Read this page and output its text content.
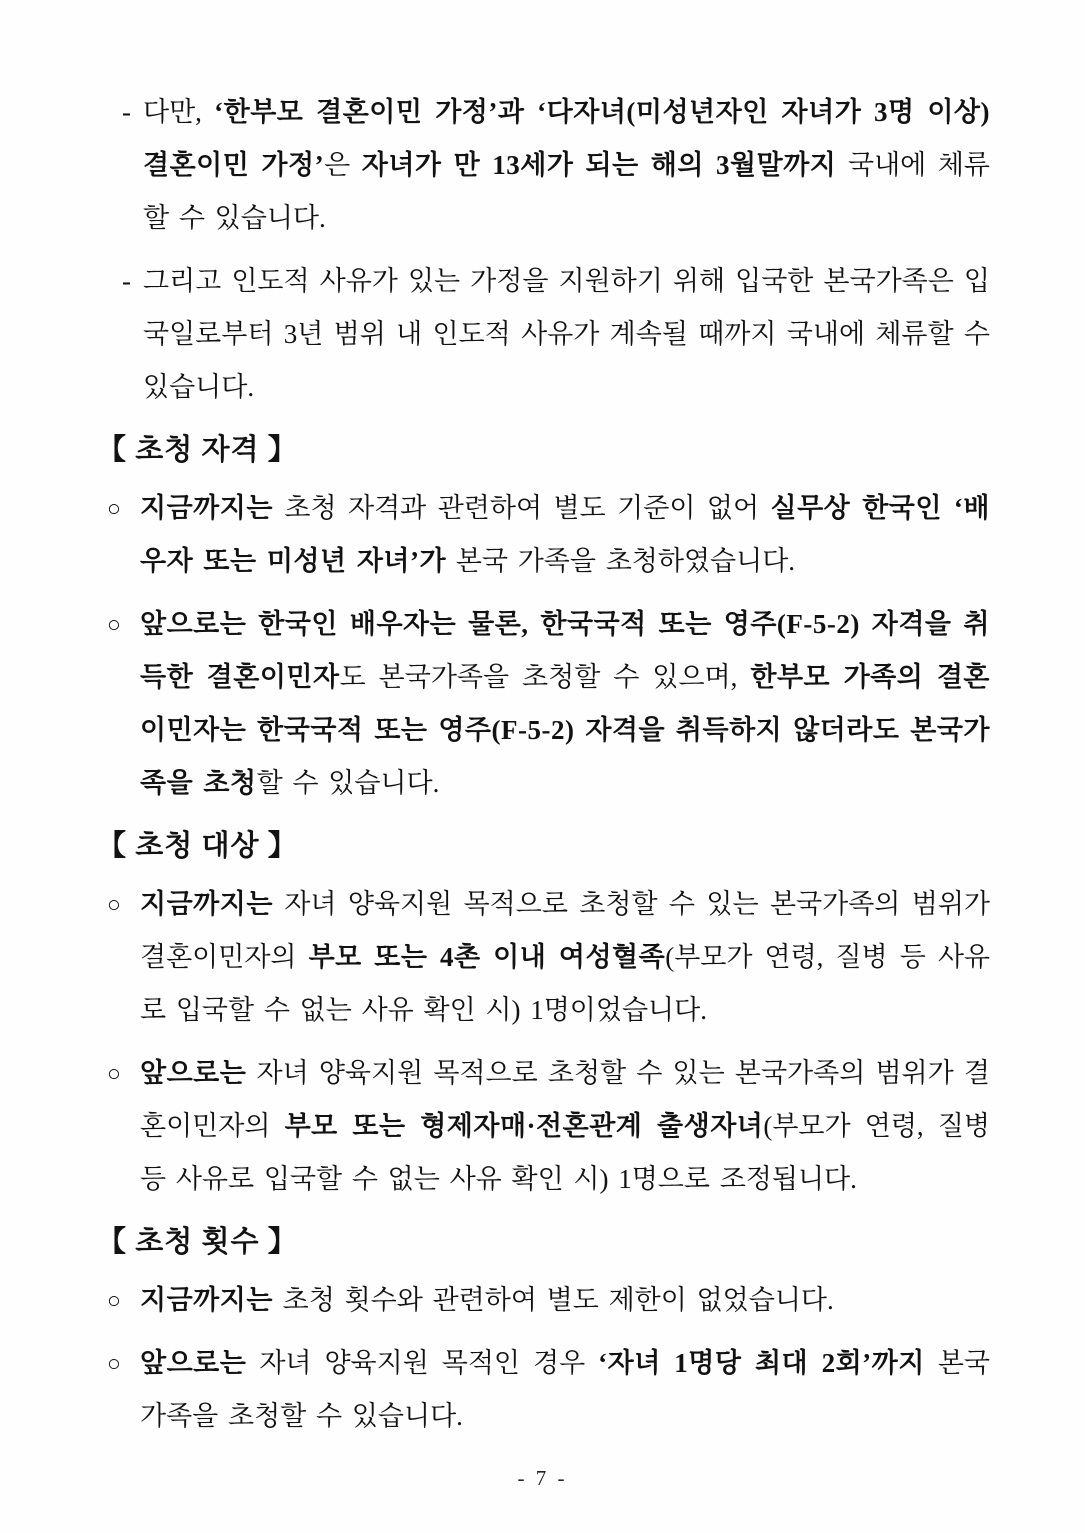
- 다만, ‘한부모 결혼이민 가정’과 ‘다자녀(미성년자인 자녀가 3명 이상) 결혼이민 가정’은 자녀가 만 13세가 되는 해의 3월말까지 국내에 체류할 수 있습니다.
- 그리고 인도적 사유가 있는 가정을 지원하기 위해 입국한 본국가족은 입국일로부터 3년 범위 내 인도적 사유가 계속될 때까지 국내에 체류할 수 있습니다.
【 초청 자격 】
○ 지금까지는 초청 자격과 관련하여 별도 기준이 없어 실무상 한국인 ‘배우자 또는 미성년 자녀’가 본국 가족을 초청하였습니다.
○ 앞으로는 한국인 배우자는 물론, 한국국적 또는 영주(F-5-2) 자격을 취득한 결혼이민자도 본국가족을 초청할 수 있으며, 한부모 가족의 결혼이민자는 한국국적 또는 영주(F-5-2) 자격을 취득하지 않더라도 본국가족을 초청할 수 있습니다.
【 초청 대상 】
○ 지금까지는 자녀 양육지원 목적으로 초청할 수 있는 본국가족의 범위가 결혼이민자의 부모 또는 4촌 이내 여성혈족(부모가 연령, 질병 등 사유로 입국할 수 없는 사유 확인 시) 1명이었습니다.
○ 앞으로는 자녀 양육지원 목적으로 초청할 수 있는 본국가족의 범위가 결혼이민자의 부모 또는 형제자매·전혼관계 출생자녀(부모가 연령, 질병 등 사유로 입국할 수 없는 사유 확인 시) 1명으로 조정됩니다.
【 초청 횟수 】
○ 지금까지는 초청 횟수와 관련하여 별도 제한이 없었습니다.
○ 앞으로는 자녀 양육지원 목적인 경우 ‘자녀 1명당 최대 2회’까지 본국 가족을 초청할 수 있습니다.
- 7 -
